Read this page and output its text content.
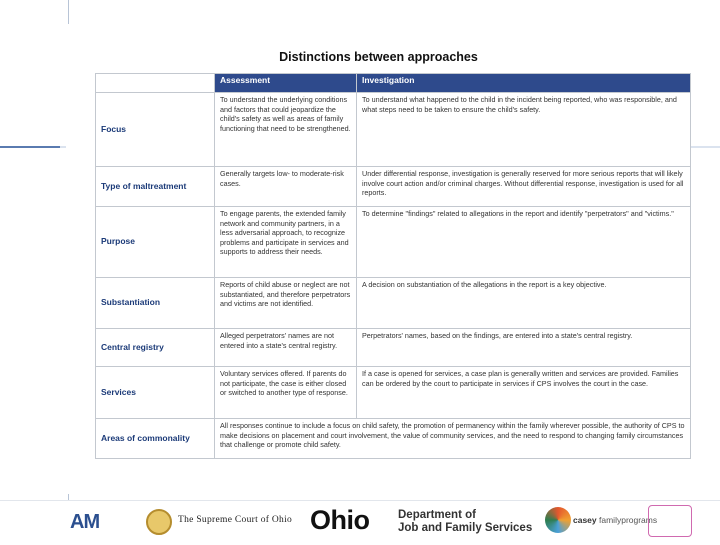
Distinctions between approaches
	Assessment	Investigation
Focus	To understand the underlying conditions and factors that could jeopardize the child's safety as well as areas of family functioning that need to be strengthened.	To understand what happened to the child in the incident being reported, who was responsible, and what steps need to be taken to ensure the child's safety.
Type of maltreatment	Generally targets low- to moderate-risk cases.	Under differential response, investigation is generally reserved for more serious reports that will likely involve court action and/or criminal charges. Without differential response, investigation is used for all reports.
Purpose	To engage parents, the extended family network and community partners, in a less adversarial approach, to recognize problems and participate in services and supports to address their needs.	To determine "findings" related to allegations in the report and identify "perpetrators" and "victims."
Substantiation	Reports of child abuse or neglect are not substantiated, and therefore perpetrators and victims are not identified.	A decision on substantiation of the allegations in the report is a key objective.
Central registry	Alleged perpetrators' names are not entered into a state's central registry.	Perpetrators' names, based on the findings, are entered into a state's central registry.
Services	Voluntary services offered. If parents do not participate, the case is either closed or switched to another type of response.	If a case is opened for services, a case plan is generally written and services are provided. Families can be ordered by the court to participate in services if CPS involves the court in the case.
Areas of commonality	All responses continue to include a focus on child safety, the promotion of permanency within the family wherever possible, the authority of CPS to make decisions on placement and court involvement, the value of community services, and the need to respond to changing family circumstances that challenge or promote child safety.	
AM	The Supreme Court of Ohio Ohio Department of
Job and Family Services
casey familyprograms
